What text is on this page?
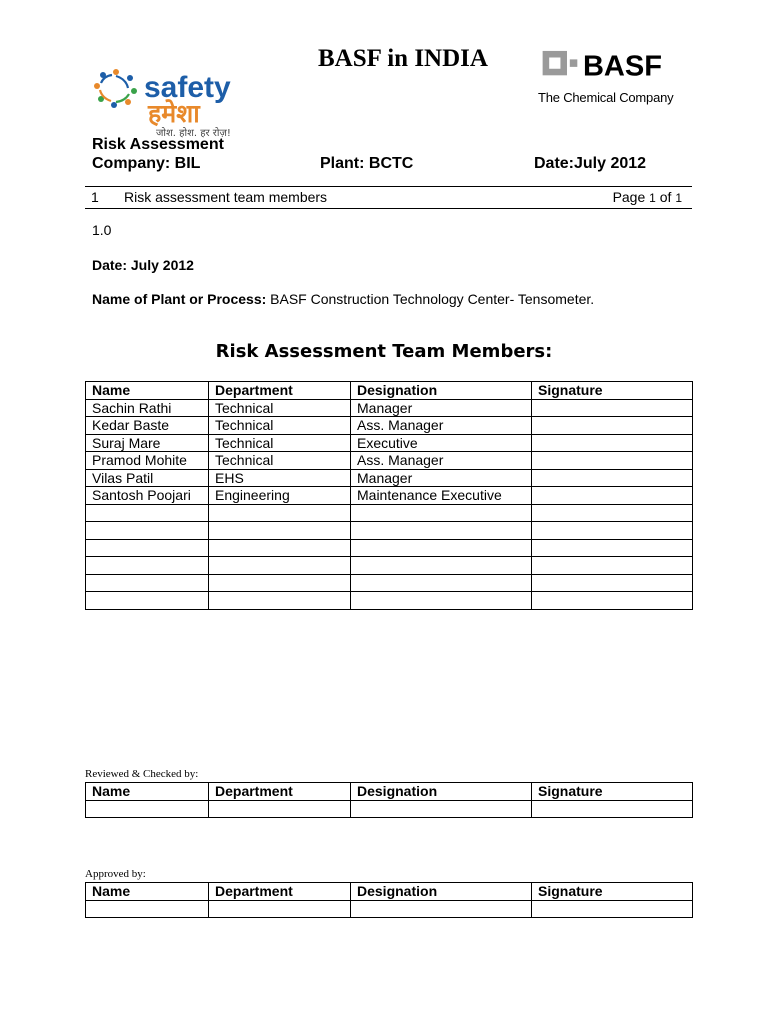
safety
हमेशा
जोश. होश. हर रोज़!
BASF in INDIA	BASF
The Chemical Company
Risk Assessment
Company: BIL	Plant: BCTC	Date:July 2012
1 Risk assessment team members	Page 1 of 1
1.0
Date: July 2012
Name of Plant or Process: BASF Construction Technology Center- Tensometer.
Risk Assessment Team Members:
Name	Department	Designation	Signature
Sachin Rathi	Technical	Manager	
Kedar Baste	Technical	Ass. Manager	
Suraj Mare	Technical	Executive	
Pramod Mohite	Technical	Ass. Manager	
Vilas Patil	EHS	Manager	
Santosh Poojari	Engineering	Maintenance Executive	

Reviewed & Checked by:
Name	Department	Designation	Signature

Approved by:
Name	Department	Designation	Signature
